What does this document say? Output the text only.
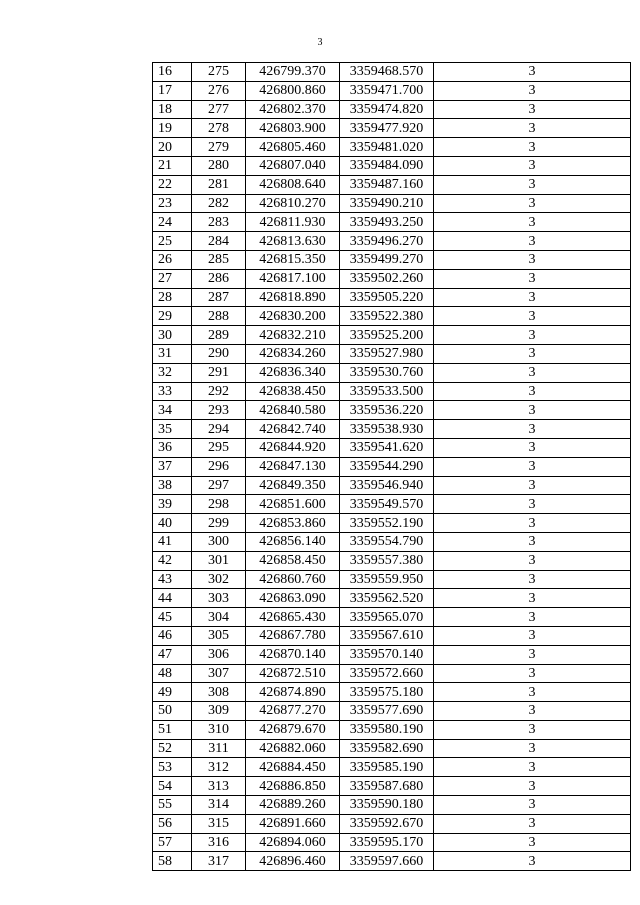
3
16	275	426799.370	3359468.570	3
17	276	426800.860	3359471.700	3
18	277	426802.370	3359474.820	3
19	278	426803.900	3359477.920	3
20	279	426805.460	3359481.020	3
21	280	426807.040	3359484.090	3
22	281	426808.640	3359487.160	3
23	282	426810.270	3359490.210	3
24	283	426811.930	3359493.250	3
25	284	426813.630	3359496.270	3
26	285	426815.350	3359499.270	3
27	286	426817.100	3359502.260	3
28	287	426818.890	3359505.220	3
29	288	426830.200	3359522.380	3
30	289	426832.210	3359525.200	3
31	290	426834.260	3359527.980	3
32	291	426836.340	3359530.760	3
33	292	426838.450	3359533.500	3
34	293	426840.580	3359536.220	3
35	294	426842.740	3359538.930	3
36	295	426844.920	3359541.620	3
37	296	426847.130	3359544.290	3
38	297	426849.350	3359546.940	3
39	298	426851.600	3359549.570	3
40	299	426853.860	3359552.190	3
41	300	426856.140	3359554.790	3
42	301	426858.450	3359557.380	3
43	302	426860.760	3359559.950	3
44	303	426863.090	3359562.520	3
45	304	426865.430	3359565.070	3
46	305	426867.780	3359567.610	3
47	306	426870.140	3359570.140	3
48	307	426872.510	3359572.660	3
49	308	426874.890	3359575.180	3
50	309	426877.270	3359577.690	3
51	310	426879.670	3359580.190	3
52	311	426882.060	3359582.690	3
53	312	426884.450	3359585.190	3
54	313	426886.850	3359587.680	3
55	314	426889.260	3359590.180	3
56	315	426891.660	3359592.670	3
57	316	426894.060	3359595.170	3
58	317	426896.460	3359597.660	3
